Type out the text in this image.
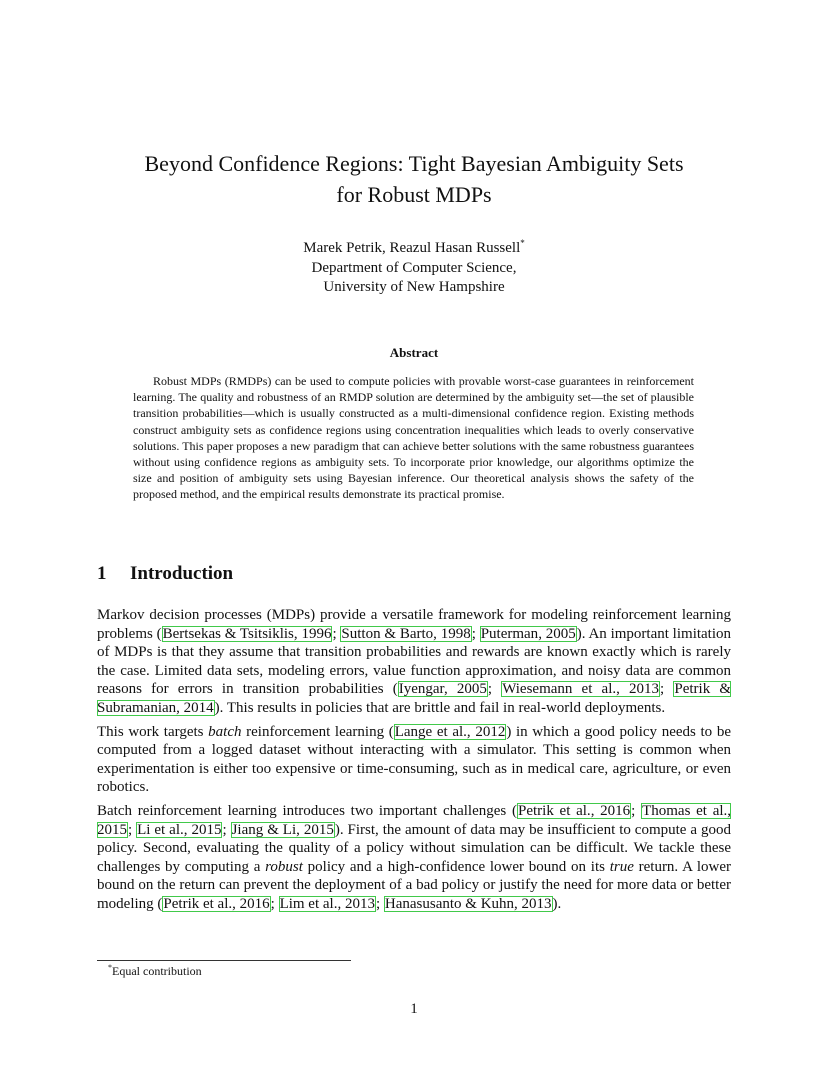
Beyond Confidence Regions: Tight Bayesian Ambiguity Sets
for Robust MDPs
Marek Petrik, Reazul Hasan Russell*
Department of Computer Science,
University of New Hampshire
Abstract

Robust MDPs (RMDPs) can be used to compute policies with provable worst-case guarantees in reinforcement learning. The quality and robustness of an RMDP solution are determined by the ambiguity set—the set of plausible transition probabilities—which is usually constructed as a multi-dimensional confidence region. Existing methods construct ambiguity sets as confidence regions using concentration inequalities which leads to overly conservative solutions. This paper proposes a new paradigm that can achieve better solutions with the same robustness guarantees without using confidence regions as ambiguity sets. To incorporate prior knowledge, our algorithms optimize the size and position of ambiguity sets using Bayesian inference. Our theoretical analysis shows the safety of the proposed method, and the empirical results demonstrate its practical promise.

1 Introduction

Markov decision processes (MDPs) provide a versatile framework for modeling reinforcement learning problems (Bertsekas & Tsitsiklis, 1996; Sutton & Barto, 1998; Puterman, 2005). An important limitation of MDPs is that they assume that transition probabilities and rewards are known exactly which is rarely the case. Limited data sets, modeling errors, value function approximation, and noisy data are common reasons for errors in transition probabilities (Iyengar, 2005; Wiesemann et al., 2013; Petrik & Subramanian, 2014). This results in policies that are brittle and fail in real-world deployments.

This work targets batch reinforcement learning (Lange et al., 2012) in which a good policy needs to be computed from a logged dataset without interacting with a simulator. This setting is common when experimentation is either too expensive or time-consuming, such as in medical care, agriculture, or even robotics.

Batch reinforcement learning introduces two important challenges (Petrik et al., 2016; Thomas et al., 2015; Li et al., 2015; Jiang & Li, 2015). First, the amount of data may be insufficient to compute a good policy. Second, evaluating the quality of a policy without simulation can be difficult. We tackle these challenges by computing a robust policy and a high-confidence lower bound on its true return. A lower bound on the return can prevent the deployment of a bad policy or justify the need for more data or better modeling (Petrik et al., 2016; Lim et al., 2013; Hanasusanto & Kuhn, 2013).

*Equal contribution
1
